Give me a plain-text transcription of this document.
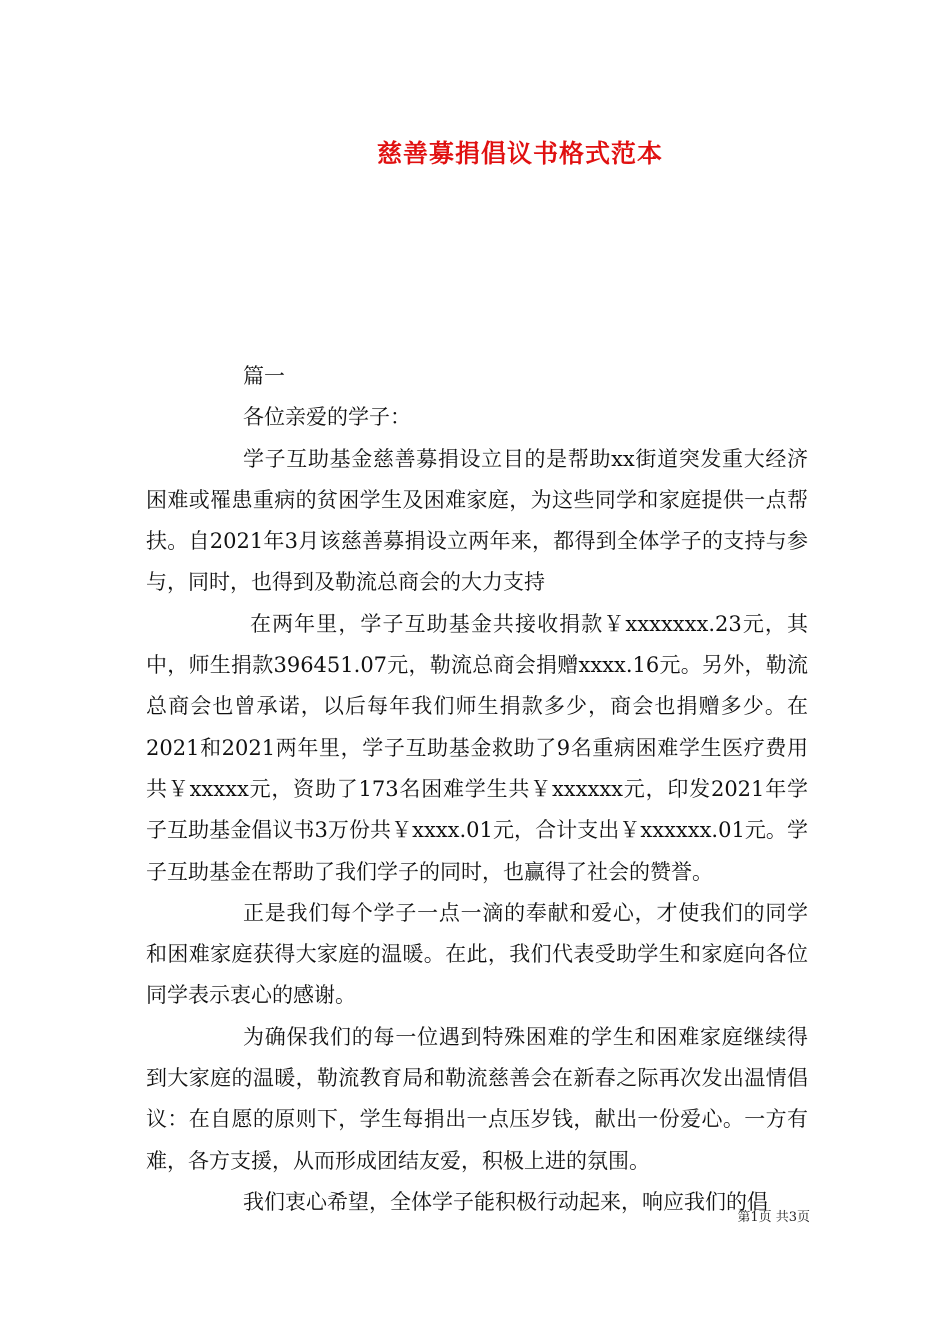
慈善募捐倡议书格式范本

篇一

各位亲爱的学子：

学子互助基金慈善募捐设立目的是帮助xx街道突发重大经济困难或罹患重病的贫困学生及困难家庭，为这些同学和家庭提供一点帮扶。自2021年3月该慈善募捐设立两年来，都得到全体学子的支持与参与，同时，也得到及勒流总商会的大力支持

在两年里，学子互助基金共接收捐款￥xxxxxxx.23元，其中，师生捐款396451.07元，勒流总商会捐赠xxxx.16元。另外，勒流总商会也曾承诺，以后每年我们师生捐款多少，商会也捐赠多少。在2021和2021两年里，学子互助基金救助了9名重病困难学生医疗费用共￥xxxxx元，资助了173名困难学生共￥xxxxxx元，印发2021年学子互助基金倡议书3万份共￥xxxx.01元，合计支出￥xxxxxx.01元。学子互助基金在帮助了我们学子的同时，也赢得了社会的赞誉。

正是我们每个学子一点一滴的奉献和爱心，才使我们的同学和困难家庭获得大家庭的温暖。在此，我们代表受助学生和家庭向各位同学表示衷心的感谢。

为确保我们的每一位遇到特殊困难的学生和困难家庭继续得到大家庭的温暖，勒流教育局和勒流慈善会在新春之际再次发出温情倡议：在自愿的原则下，学生每捐出一点压岁钱，献出一份爱心。一方有难，各方支援，从而形成团结友爱，积极上进的氛围。

我们衷心希望，全体学子能积极行动起来，响应我们的倡

第1页 共3页
